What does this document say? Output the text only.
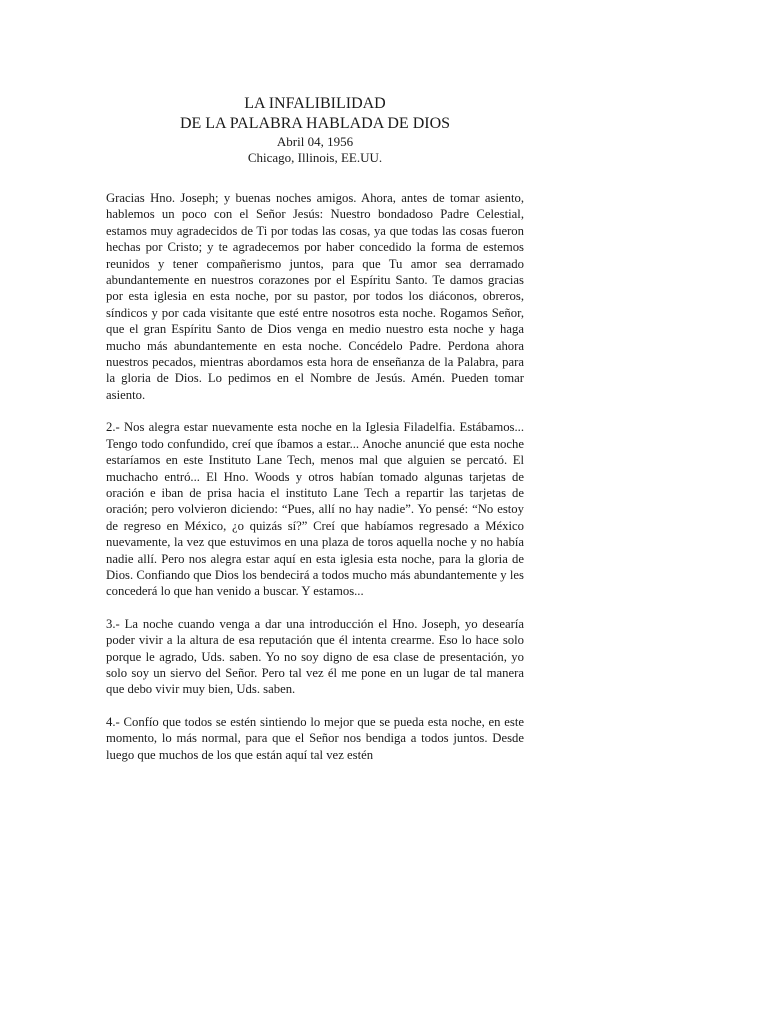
LA INFALIBILIDAD
DE LA PALABRA HABLADA DE DIOS

Abril 04, 1956

Chicago, Illinois, EE.UU.

Gracias Hno. Joseph; y buenas noches amigos. Ahora, antes de tomar asiento, hablemos un poco con el Señor Jesús: Nuestro bondadoso Padre Celestial, estamos muy agradecidos de Ti por todas las cosas, ya que todas las cosas fueron hechas por Cristo; y te agradecemos por haber concedido la forma de estemos reunidos y tener compañerismo juntos, para que Tu amor sea derramado abundantemente en nuestros corazones por el Espíritu Santo. Te damos gracias por esta iglesia en esta noche, por su pastor, por todos los diáconos, obreros, síndicos y por cada visitante que esté entre nosotros esta noche. Rogamos Señor, que el gran Espíritu Santo de Dios venga en medio nuestro esta noche y haga mucho más abundantemente en esta noche. Concédelo Padre. Perdona ahora nuestros pecados, mientras abordamos esta hora de enseñanza de la Palabra, para la gloria de Dios. Lo pedimos en el Nombre de Jesús. Amén. Pueden tomar asiento.

2.- Nos alegra estar nuevamente esta noche en la Iglesia Filadelfia. Estábamos... Tengo todo confundido, creí que íbamos a estar... Anoche anuncié que esta noche estaríamos en este Instituto Lane Tech, menos mal que alguien se percató. El muchacho entró... El Hno. Woods y otros habían tomado algunas tarjetas de oración e iban de prisa hacia el instituto Lane Tech a repartir las tarjetas de oración; pero volvieron diciendo: “Pues, allí no hay nadie”. Yo pensé: “No estoy de regreso en México, ¿o quizás sí?” Creí que habíamos regresado a México nuevamente, la vez que estuvimos en una plaza de toros aquella noche y no había nadie allí. Pero nos alegra estar aquí en esta iglesia esta noche, para la gloria de Dios. Confiando que Dios los bendecirá a todos mucho más abundantemente y les concederá lo que han venido a buscar. Y estamos...

3.- La noche cuando venga a dar una introducción el Hno. Joseph, yo desearía poder vivir a la altura de esa reputación que él intenta crearme. Eso lo hace solo porque le agrado, Uds. saben. Yo no soy digno de esa clase de presentación, yo solo soy un siervo del Señor. Pero tal vez él me pone en un lugar de tal manera que debo vivir muy bien, Uds. saben.

4.- Confío que todos se estén sintiendo lo mejor que se pueda esta noche, en este momento, lo más normal, para que el Señor nos bendiga a todos juntos. Desde luego que muchos de los que están aquí tal vez estén
